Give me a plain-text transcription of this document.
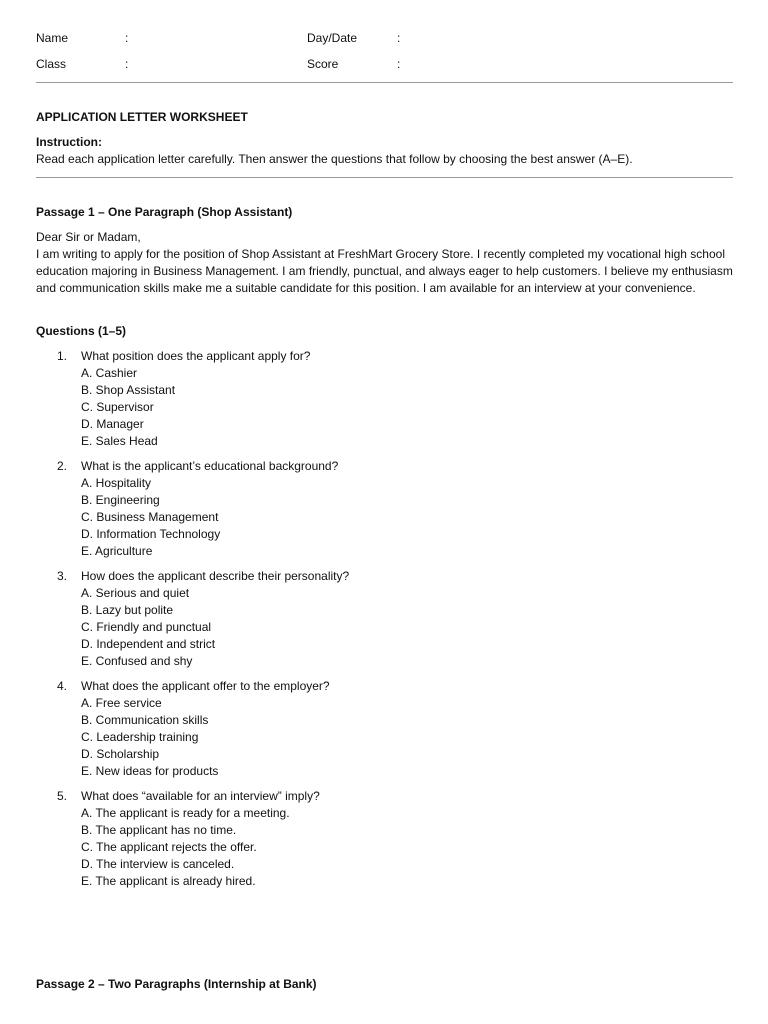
Name	:	Day/Date	:
Class	:	Score	:
APPLICATION LETTER WORKSHEET
Instruction:
Read each application letter carefully. Then answer the questions that follow by choosing the best answer (A–E).
Passage 1 – One Paragraph (Shop Assistant)

Dear Sir or Madam,

I am writing to apply for the position of Shop Assistant at FreshMart Grocery Store. I recently completed my vocational high school education majoring in Business Management. I am friendly, punctual, and always eager to help customers. I believe my enthusiasm and communication skills make me a suitable candidate for this position. I am available for an interview at your convenience.

Questions (1–5)
1. What position does the applicant apply for?
A. Cashier
B. Shop Assistant
C. Supervisor
D. Manager
E. Sales Head
2. What is the applicant’s educational background?
A. Hospitality
B. Engineering
C. Business Management
D. Information Technology
E. Agriculture
3. How does the applicant describe their personality?
A. Serious and quiet
B. Lazy but polite
C. Friendly and punctual
D. Independent and strict
E. Confused and shy
4. What does the applicant offer to the employer?
A. Free service
B. Communication skills
C. Leadership training
D. Scholarship
E. New ideas for products
5. What does “available for an interview” imply?
A. The applicant is ready for a meeting.
B. The applicant has no time.
C. The applicant rejects the offer.
D. The interview is canceled.
E. The applicant is already hired.
Passage 2 – Two Paragraphs (Internship at Bank)
